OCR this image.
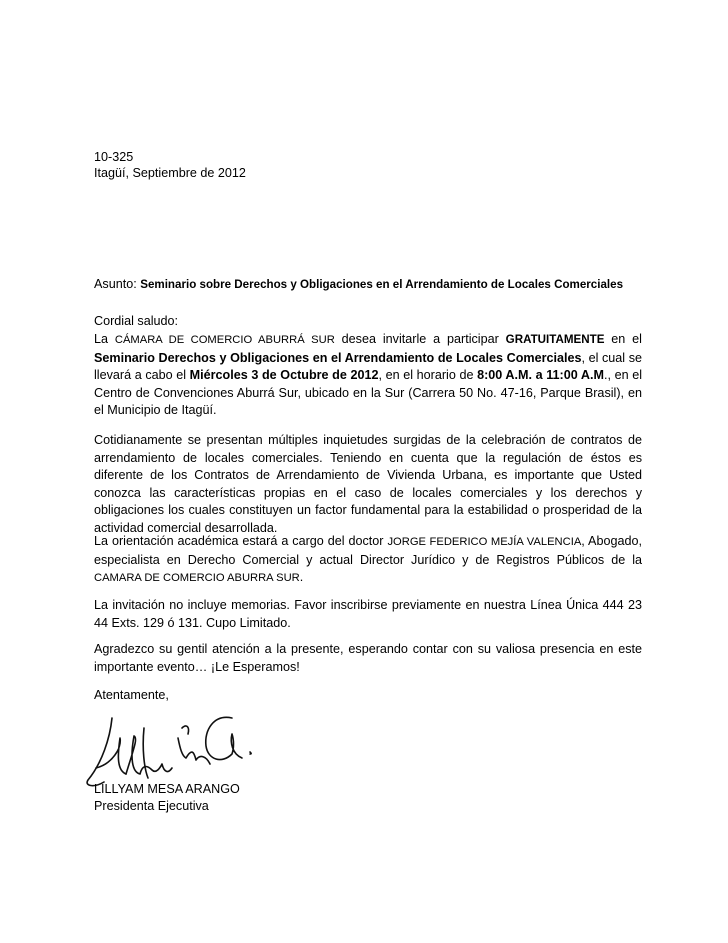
10-325
Itagüí, Septiembre de 2012
Asunto: Seminario sobre Derechos y Obligaciones en el Arrendamiento de Locales Comerciales
Cordial saludo:
La CÁMARA DE COMERCIO ABURRÁ SUR desea invitarle a participar GRATUITAMENTE en el Seminario Derechos y Obligaciones en el Arrendamiento de Locales Comerciales, el cual se llevará a cabo el Miércoles 3 de Octubre de 2012, en el horario de 8:00 A.M. a 11:00 A.M., en el Centro de Convenciones Aburrá Sur, ubicado en la Sur (Carrera 50 No. 47-16, Parque Brasil), en el Municipio de Itagüí.
Cotidianamente se presentan múltiples inquietudes surgidas de la celebración de contratos de arrendamiento de locales comerciales. Teniendo en cuenta que la regulación de éstos es diferente de los Contratos de Arrendamiento de Vivienda Urbana, es importante que Usted conozca las características propias en el caso de locales comerciales y los derechos y obligaciones los cuales constituyen un factor fundamental para la estabilidad o prosperidad de la actividad comercial desarrollada.
La orientación académica estará a cargo del doctor JORGE FEDERICO MEJÍA VALENCIA, Abogado, especialista en Derecho Comercial y actual Director Jurídico y de Registros Públicos de la CAMARA DE COMERCIO ABURRA SUR.
La invitación no incluye memorias. Favor inscribirse previamente en nuestra Línea Única 444 23 44 Exts. 129 ó 131. Cupo Limitado.
Agradezco su gentil atención a la presente, esperando contar con su valiosa presencia en este importante evento… ¡Le Esperamos!
Atentamente,
LILLYAM MESA ARANGO
Presidenta Ejecutiva
